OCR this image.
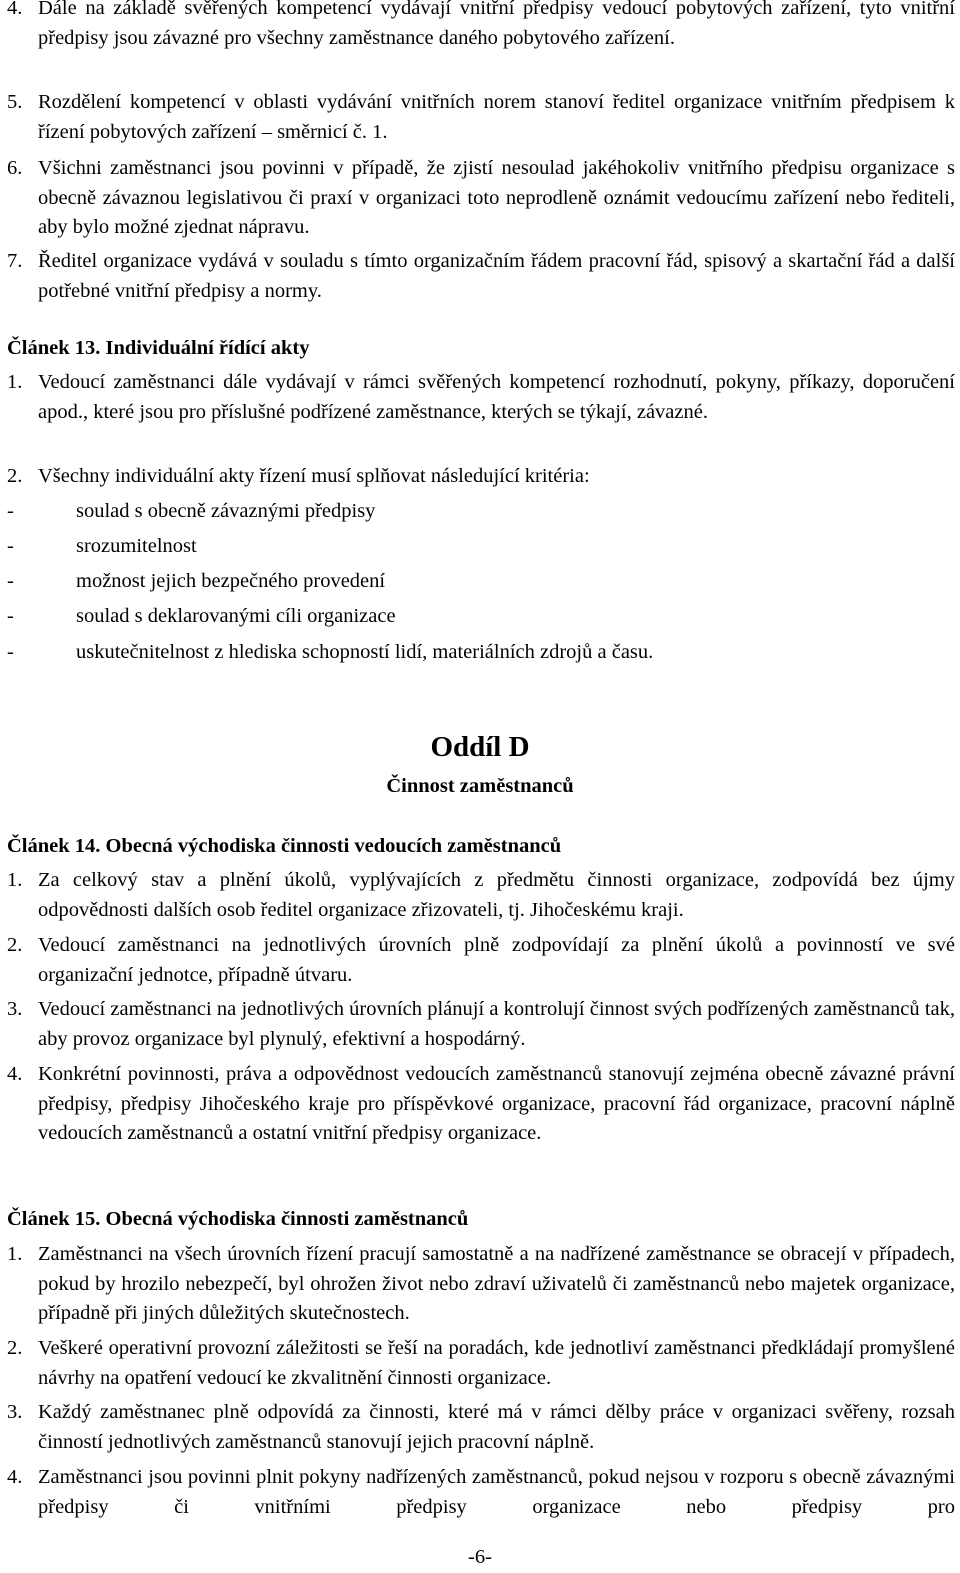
4. Dále na základě svěřených kompetencí vydávají vnitřní předpisy vedoucí pobytových zařízení, tyto vnitřní předpisy jsou závazné pro všechny zaměstnance daného pobytového zařízení.
5. Rozdělení kompetencí v oblasti vydávání vnitřních norem stanoví ředitel organizace vnitřním předpisem k řízení pobytových zařízení – směrnicí č. 1.
6. Všichni zaměstnanci jsou povinni v případě, že zjistí nesoulad jakéhokoliv vnitřního předpisu organizace s obecně závaznou legislativou či praxí v organizaci toto neprodleně oznámit vedoucímu zařízení nebo řediteli, aby bylo možné zjednat nápravu.
7. Ředitel organizace vydává v souladu s tímto organizačním řádem pracovní řád, spisový a skartační řád a další potřebné vnitřní předpisy a normy.
Článek 13. Individuální řídící akty
1. Vedoucí zaměstnanci dále vydávají v rámci svěřených kompetencí rozhodnutí, pokyny, příkazy, doporučení apod., které jsou pro příslušné podřízené zaměstnance, kterých se týkají, závazné.
2. Všechny individuální akty řízení musí splňovat následující kritéria:
-	soulad s obecně závaznými předpisy
-	srozumitelnost
-	možnost jejich bezpečného provedení
-	soulad s deklarovanými cíli organizace
-	uskutečnitelnost z hlediska schopností lidí, materiálních zdrojů a času.
Oddíl D
Činnost zaměstnanců
Článek 14. Obecná východiska činnosti vedoucích zaměstnanců
1. Za celkový stav a plnění úkolů, vyplývajících z předmětu činnosti organizace, zodpovídá bez újmy odpovědnosti dalších osob ředitel organizace zřizovateli, tj. Jihočeskému kraji.
2. Vedoucí zaměstnanci na jednotlivých úrovních plně zodpovídají za plnění úkolů a povinností ve své organizační jednotce, případně útvaru.
3. Vedoucí zaměstnanci na jednotlivých úrovních plánují a kontrolují činnost svých podřízených zaměstnanců tak, aby provoz organizace byl plynulý, efektivní a hospodárný.
4. Konkrétní povinnosti, práva a odpovědnost vedoucích zaměstnanců stanovují zejména obecně závazné právní předpisy, předpisy Jihočeského kraje pro příspěvkové organizace, pracovní řád organizace, pracovní náplně vedoucích zaměstnanců a ostatní vnitřní předpisy organizace.
Článek 15. Obecná východiska činnosti zaměstnanců
1. Zaměstnanci na všech úrovních řízení pracují samostatně a na nadřízené zaměstnance se obracejí v případech, pokud by hrozilo nebezpečí, byl ohrožen život nebo zdraví uživatelů či zaměstnanců nebo majetek organizace, případně při jiných důležitých skutečnostech.
2. Veškeré operativní provozní záležitosti se řeší na poradách, kde jednotliví zaměstnanci předkládají promyšlené návrhy na opatření vedoucí ke zkvalitnění činnosti organizace.
3. Každý zaměstnanec plně odpovídá za činnosti, které má v rámci dělby práce v organizaci svěřeny, rozsah činností jednotlivých zaměstnanců stanovují jejich pracovní náplně.
4. Zaměstnanci jsou povinni plnit pokyny nadřízených zaměstnanců, pokud nejsou v rozporu s obecně závaznými předpisy či vnitřními předpisy organizace nebo předpisy pro
-6-
